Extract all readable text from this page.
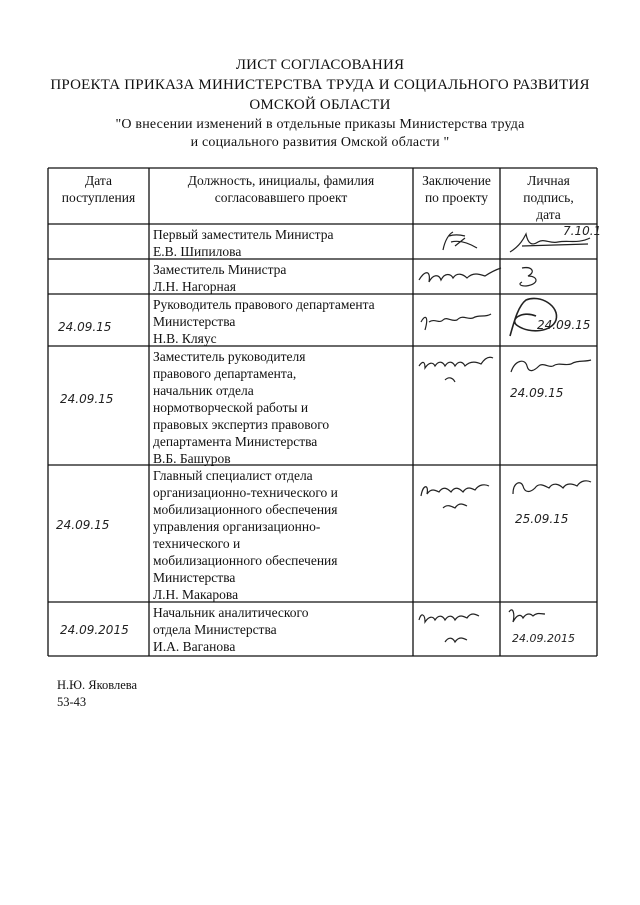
ЛИСТ СОГЛАСОВАНИЯ
ПРОЕКТА ПРИКАЗА МИНИСТЕРСТВА ТРУДА И СОЦИАЛЬНОГО РАЗВИТИЯ
ОМСКОЙ ОБЛАСТИ
"О внесении изменений в отдельные приказы Министерства труда
и социального развития Омской области "
Дата
поступления
Должность, инициалы, фамилия
согласовавшего проект
Заключение
по проекту
Личная
подпись,
дата
Первый заместитель Министра
Е.В. Шипилова
7.10.1
Заместитель Министра
Л.Н. Нагорная
24.09.15
Руководитель правового департамента
Министерства
Н.В. Кляус
24.09.15
24.09.15
Заместитель руководителя
правового департамента,
начальник отдела
нормотворческой работы и
правовых экспертиз правового
департамента Министерства
В.Б. Башуров
24.09.15
24.09.15
Главный специалист отдела
организационно-технического и
мобилизационного обеспечения
управления организационно-
технического и
мобилизационного обеспечения
Министерства
Л.Н. Макарова
25.09.15
24.09.2015
Начальник аналитического
отдела Министерства
И.А. Ваганова
24.09.2015
Н.Ю. Яковлева
53-43
